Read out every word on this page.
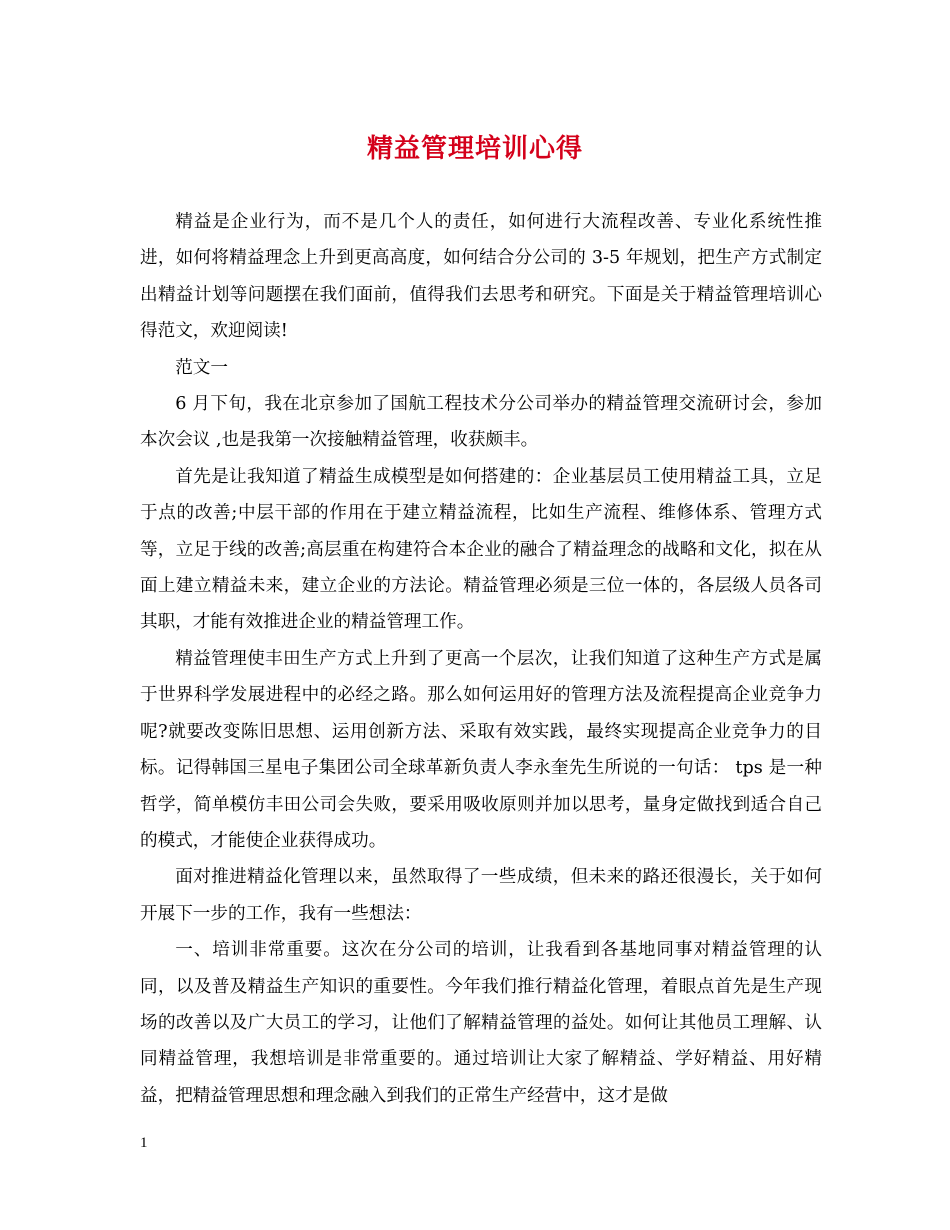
精益管理培训心得

精益是企业行为，而不是几个人的责任，如何进行大流程改善、专业化系统性推进，如何将精益理念上升到更高高度，如何结合分公司的 3-5 年规划，把生产方式制定出精益计划等问题摆在我们面前，值得我们去思考和研究。下面是关于精益管理培训心得范文，欢迎阅读!

范文一

6 月下旬，我在北京参加了国航工程技术分公司举办的精益管理交流研讨会，参加本次会议 ,也是我第一次接触精益管理，收获颇丰。

首先是让我知道了精益生成模型是如何搭建的：企业基层员工使用精益工具，立足于点的改善;中层干部的作用在于建立精益流程，比如生产流程、维修体系、管理方式等，立足于线的改善;高层重在构建符合本企业的融合了精益理念的战略和文化，拟在从面上建立精益未来，建立企业的方法论。精益管理必须是三位一体的，各层级人员各司其职，才能有效推进企业的精益管理工作。

精益管理使丰田生产方式上升到了更高一个层次，让我们知道了这种生产方式是属于世界科学发展进程中的必经之路。那么如何运用好的管理方法及流程提高企业竞争力呢?就要改变陈旧思想、运用创新方法、采取有效实践，最终实现提高企业竞争力的目标。记得韩国三星电子集团公司全球革新负责人李永奎先生所说的一句话： tps 是一种哲学，简单模仿丰田公司会失败，要采用吸收原则并加以思考，量身定做找到适合自己的模式，才能使企业获得成功。

面对推进精益化管理以来，虽然取得了一些成绩，但未来的路还很漫长，关于如何开展下一步的工作，我有一些想法：

一、培训非常重要。这次在分公司的培训，让我看到各基地同事对精益管理的认同，以及普及精益生产知识的重要性。今年我们推行精益化管理，着眼点首先是生产现场的改善以及广大员工的学习，让他们了解精益管理的益处。如何让其他员工理解、认同精益管理，我想培训是非常重要的。通过培训让大家了解精益、学好精益、用好精益，把精益管理思想和理念融入到我们的正常生产经营中，这才是做

1
